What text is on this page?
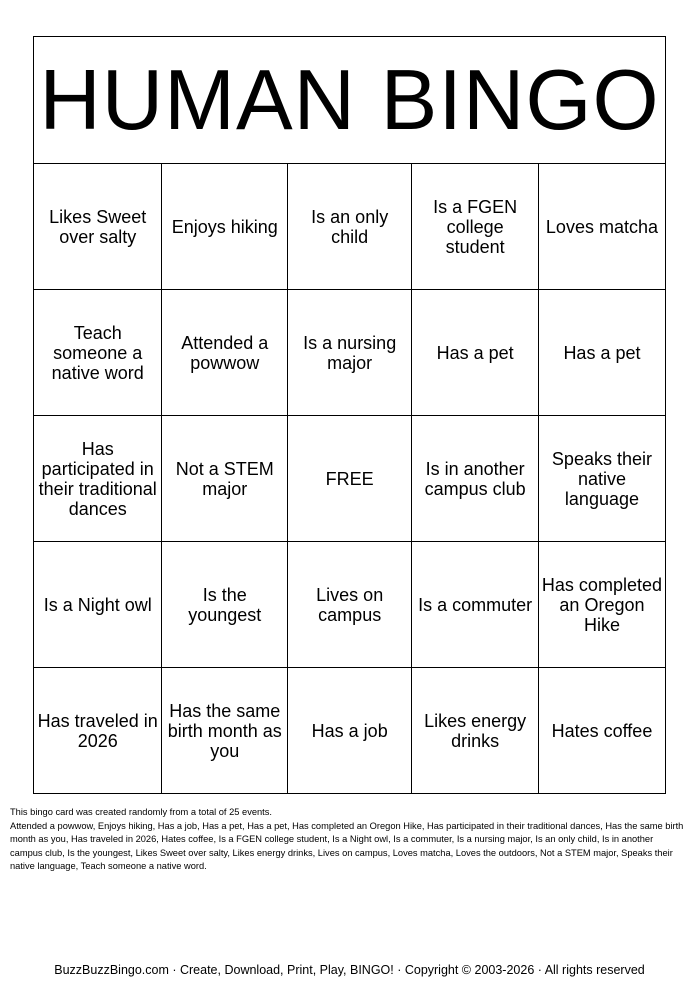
HUMAN BINGO				
Likes Sweet over salty	Enjoys hiking	Is an only child	Is a FGEN college student	Loves matcha
Teach someone a native word	Attended a powwow	Is a nursing major	Has a pet	Has a pet
Has participated in their traditional dances	Not a STEM major	FREE	Is in another campus club	Speaks their native language
Is a Night owl	Is the youngest	Lives on campus	Is a commuter	Has completed an Oregon Hike
Has traveled in 2026	Has the same birth month as you	Has a job	Likes energy drinks	Hates coffee

This bingo card was created randomly from a total of 25 events.

Attended a powwow, Enjoys hiking, Has a job, Has a pet, Has a pet, Has completed an Oregon Hike, Has participated in their traditional dances, Has the same birth month as you, Has traveled in 2026, Hates coffee, Is a FGEN college student, Is a Night owl, Is a commuter, Is a nursing major, Is an only child, Is in another campus club, Is the youngest, Likes Sweet over salty, Likes energy drinks, Lives on campus, Loves matcha, Loves the outdoors, Not a STEM major, Speaks their native language, Teach someone a native word.

BuzzBuzzBingo.com · Create, Download, Print, Play, BINGO! · Copyright © 2003-2026 · All rights reserved
